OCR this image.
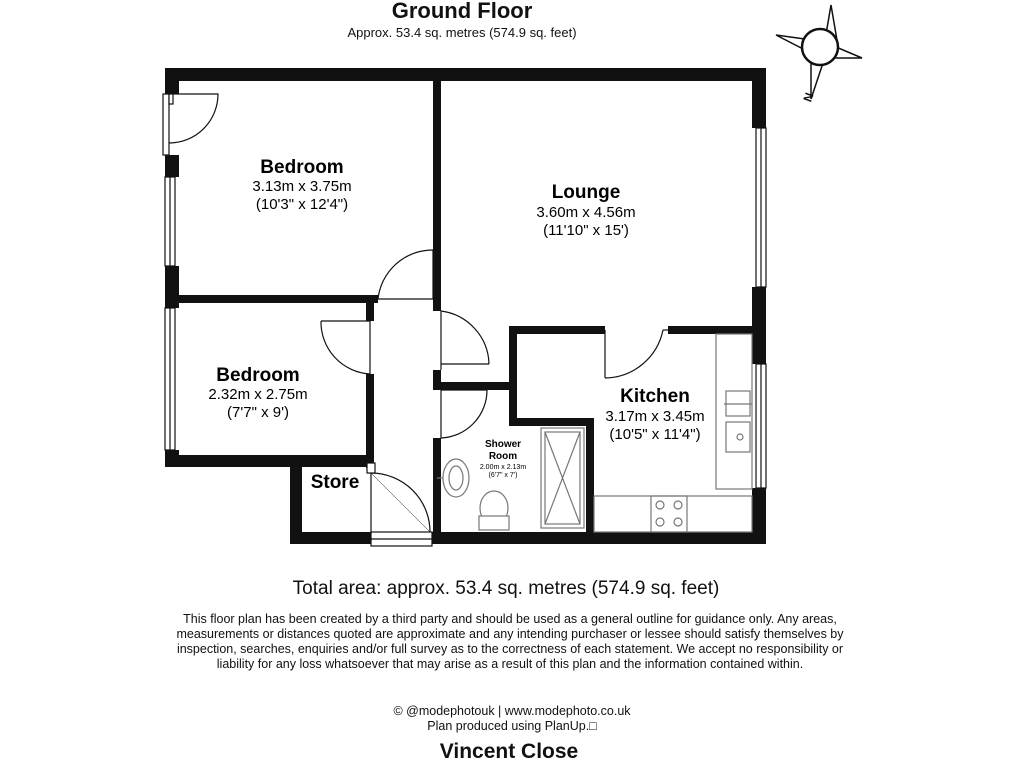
Ground Floor
Approx. 53.4 sq. metres (574.9 sq. feet)
N
Bedroom
3.13m x 3.75m
(10'3" x 12'4")
Lounge
3.60m x 4.56m
(11'10" x 15')
Bedroom
2.32m x 2.75m
(7'7" x 9')
Kitchen
3.17m x 3.45m
(10'5" x 11'4")
Shower
Room
2.00m x 2.13m
(6'7" x 7')
Store
Total area: approx. 53.4 sq. metres (574.9 sq. feet)
This floor plan has been created by a third party and should be used as a general outline for guidance only. Any areas, measurements or distances quoted are approximate and any intending purchaser or lessee should satisfy themselves by inspection, searches, enquiries and/or full survey as to the correctness of each statement. We accept no responsibility or liability for any loss whatsoever that may arise as a result of this plan and the information contained within.
© @modephotouk | www.modephoto.co.uk
Plan produced using PlanUp.□
Vincent Close
